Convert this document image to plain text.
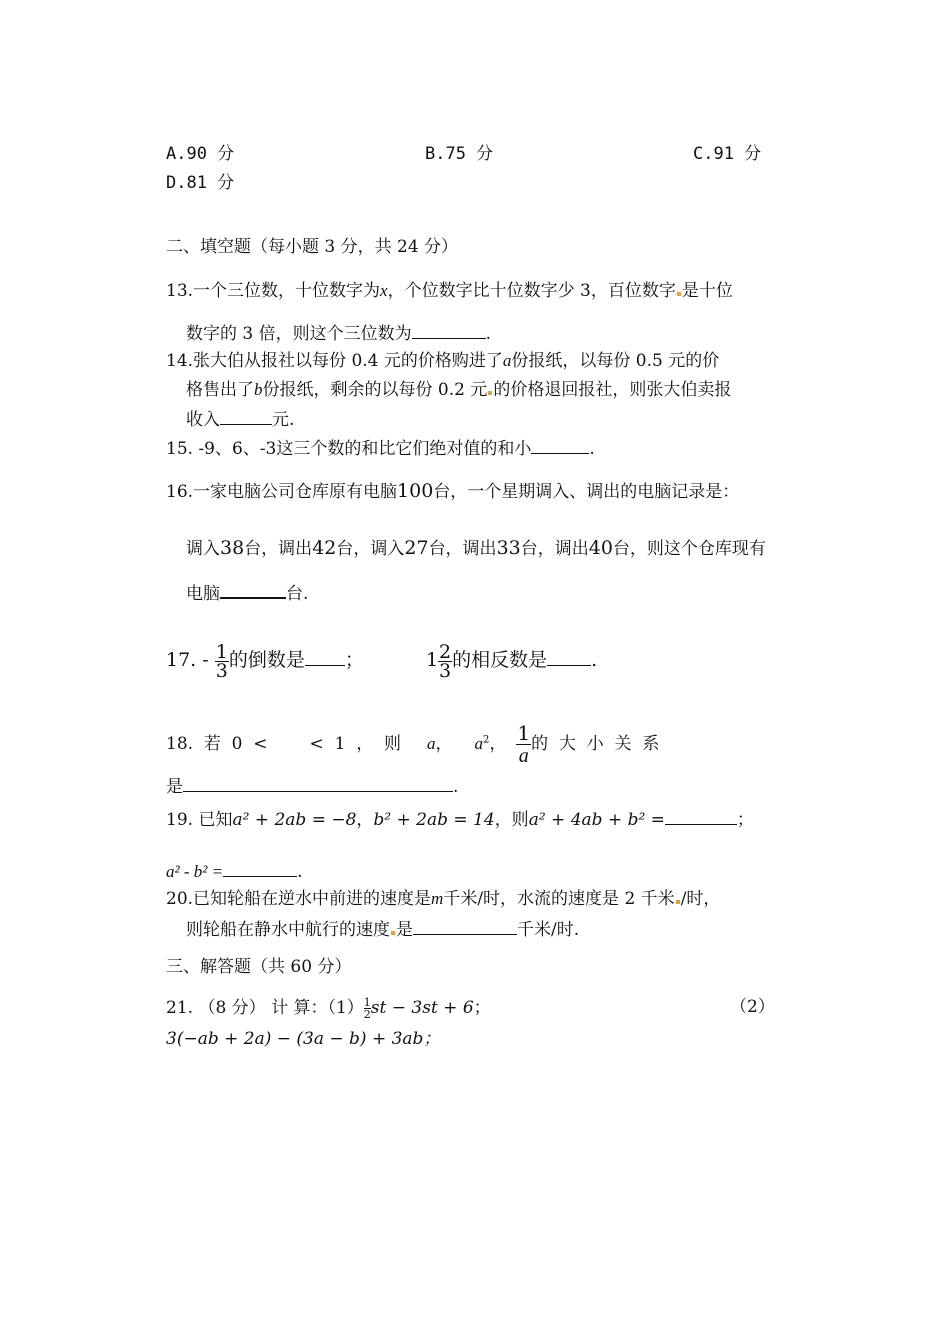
A.90 分	B.75 分	C.91 分
D.81 分
二、填空题（每小题 3 分，共 24 分）
13.一个三位数，十位数字为x，个位数字比十位数字少 3，百位数字 是十位
数字的 3 倍，则这个三位数为	.
14.张大伯从报社以每份 0.4 元的价格购进了a份报纸，以每份 0.5 元的价
格售出了b份报纸，剩余的以每份 0.2 元 的价格退回报社，则张大伯卖报
收入	元.
15. -9、6、-3这三个数的和比它们绝对值的和小	.
16.一家电脑公司仓库原有电脑100台，一个星期调入、调出的电脑记录是：
调入38台，调出42台，调入27台，调出33台，调出40台，则这个仓库现有
电脑	台.
17. - $\frac{1}{3}$ 的倒数是 ；	$1 \frac{2}{3}$ 的相反数是 .
18.  若  0  < <  1  ，  则 a， $a^2$， $\frac{1}{a}$ 的  大  小  关  系
是	.
19. 已知a² + 2ab = −8，b² + 2ab = 14，则a² + 4ab + b² =	；
a² - b² =	.
20.已知轮船在逆水中前进的速度是m千米/时，水流的速度是 2 千米 /时，
则轮船在静水中航行的速度 是	千米/时.
三、解答题（共 60 分）
21. （8 分） 计 算：$(1) \frac{1}{2}st - 3st + 6$；	（2）
3(−ab + 2a) − (3a − b) + 3ab；
